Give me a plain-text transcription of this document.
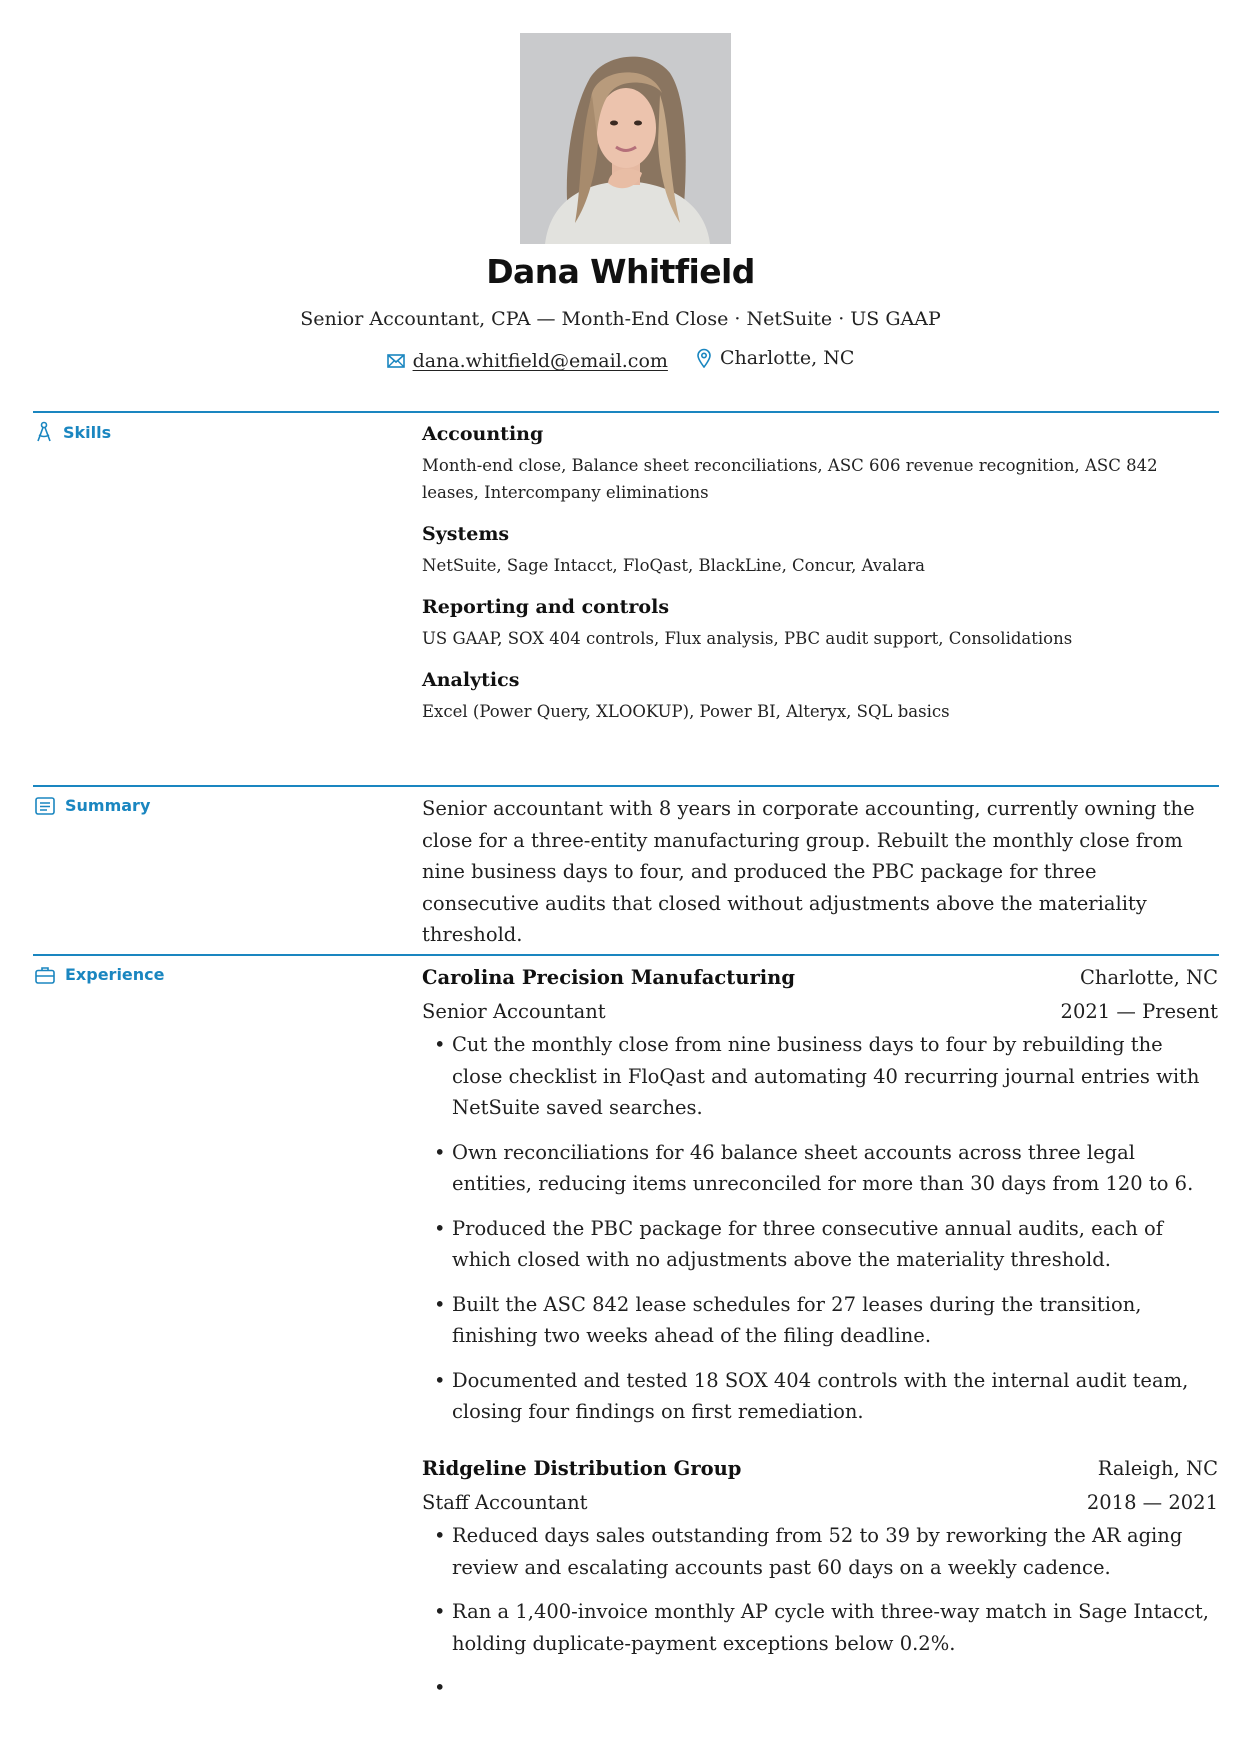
Dana Whitfield
Senior Accountant, CPA — Month-End Close · NetSuite · US GAAP
dana.whitfield@email.com
	Charlotte, NC
Skills	Accounting
Month-end close, Balance sheet reconciliations, ASC 606 revenue recognition, ASC 842 leases, Intercompany eliminations
Systems
NetSuite, Sage Intacct, FloQast, BlackLine, Concur, Avalara
Reporting and controls
US GAAP, SOX 404 controls, Flux analysis, PBC audit support, Consolidations
Analytics
Excel (Power Query, XLOOKUP), Power BI, Alteryx, SQL basics
Summary	Senior accountant with 8 years in corporate accounting, currently owning the close for a three-entity manufacturing group. Rebuilt the monthly close from nine business days to four, and produced the PBC package for three consecutive audits that closed without adjustments above the materiality threshold.
Experience	Carolina Precision Manufacturing	Charlotte, NC
Senior Accountant	2021 — Present
• Cut the monthly close from nine business days to four by rebuilding the close checklist in FloQast and automating 40 recurring journal entries with NetSuite saved searches.
• Own reconciliations for 46 balance sheet accounts across three legal entities, reducing items unreconciled for more than 30 days from 120 to 6.
• Produced the PBC package for three consecutive annual audits, each of which closed with no adjustments above the materiality threshold.
• Built the ASC 842 lease schedules for 27 leases during the transition, finishing two weeks ahead of the filing deadline.
• Documented and tested 18 SOX 404 controls with the internal audit team, closing four findings on first remediation.
Ridgeline Distribution Group	Raleigh, NC
Staff Accountant	2018 — 2021
• Reduced days sales outstanding from 52 to 39 by reworking the AR aging review and escalating accounts past 60 days on a weekly cadence.
• Ran a 1,400-invoice monthly AP cycle with three-way match in Sage Intacct, holding duplicate-payment exceptions below 0.2%.
